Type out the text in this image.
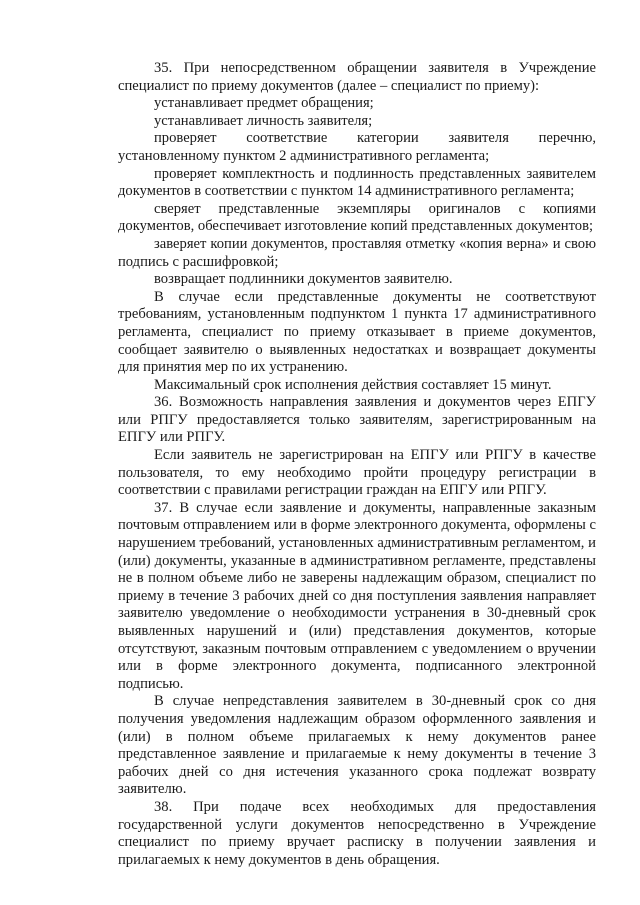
35. При непосредственном обращении заявителя в Учреждение специалист по приему документов (далее – специалист по приему):

устанавливает предмет обращения;

устанавливает личность заявителя;

проверяет соответствие категории заявителя перечню, установленному пунктом 2 административного регламента;

проверяет комплектность и подлинность представленных заявителем документов в соответствии с пунктом 14 административного регламента;

сверяет представленные экземпляры оригиналов с копиями документов, обеспечивает изготовление копий представленных документов;

заверяет копии документов, проставляя отметку «копия верна» и свою подпись с расшифровкой;

возвращает подлинники документов заявителю.

В случае если представленные документы не соответствуют требованиям, установленным подпунктом 1 пункта 17 административного регламента, специалист по приему отказывает в приеме документов, сообщает заявителю о выявленных недостатках и возвращает документы для принятия мер по их устранению.

Максимальный срок исполнения действия составляет 15 минут.

36. Возможность направления заявления и документов через ЕПГУ или РПГУ предоставляется только заявителям, зарегистрированным на ЕПГУ или РПГУ.

Если заявитель не зарегистрирован на ЕПГУ или РПГУ в качестве пользователя, то ему необходимо пройти процедуру регистрации в соответствии с правилами регистрации граждан на ЕПГУ или РПГУ.

37. В случае если заявление и документы, направленные заказным почтовым отправлением или в форме электронного документа, оформлены с нарушением требований, установленных административным регламентом, и (или) документы, указанные в административном регламенте, представлены не в полном объеме либо не заверены надлежащим образом, специалист по приему в течение 3 рабочих дней со дня поступления заявления направляет заявителю уведомление о необходимости устранения в 30-дневный срок выявленных нарушений и (или) представления документов, которые отсутствуют, заказным почтовым отправлением с уведомлением о вручении или в форме электронного документа, подписанного электронной подписью.

В случае непредставления заявителем в 30-дневный срок со дня получения уведомления надлежащим образом оформленного заявления и (или) в полном объеме прилагаемых к нему документов ранее представленное заявление и прилагаемые к нему документы в течение 3 рабочих дней со дня истечения указанного срока подлежат возврату заявителю.

38. При подаче всех необходимых для предоставления государственной услуги документов непосредственно в Учреждение специалист по приему вручает расписку в получении заявления и прилагаемых к нему документов в день обращения.
